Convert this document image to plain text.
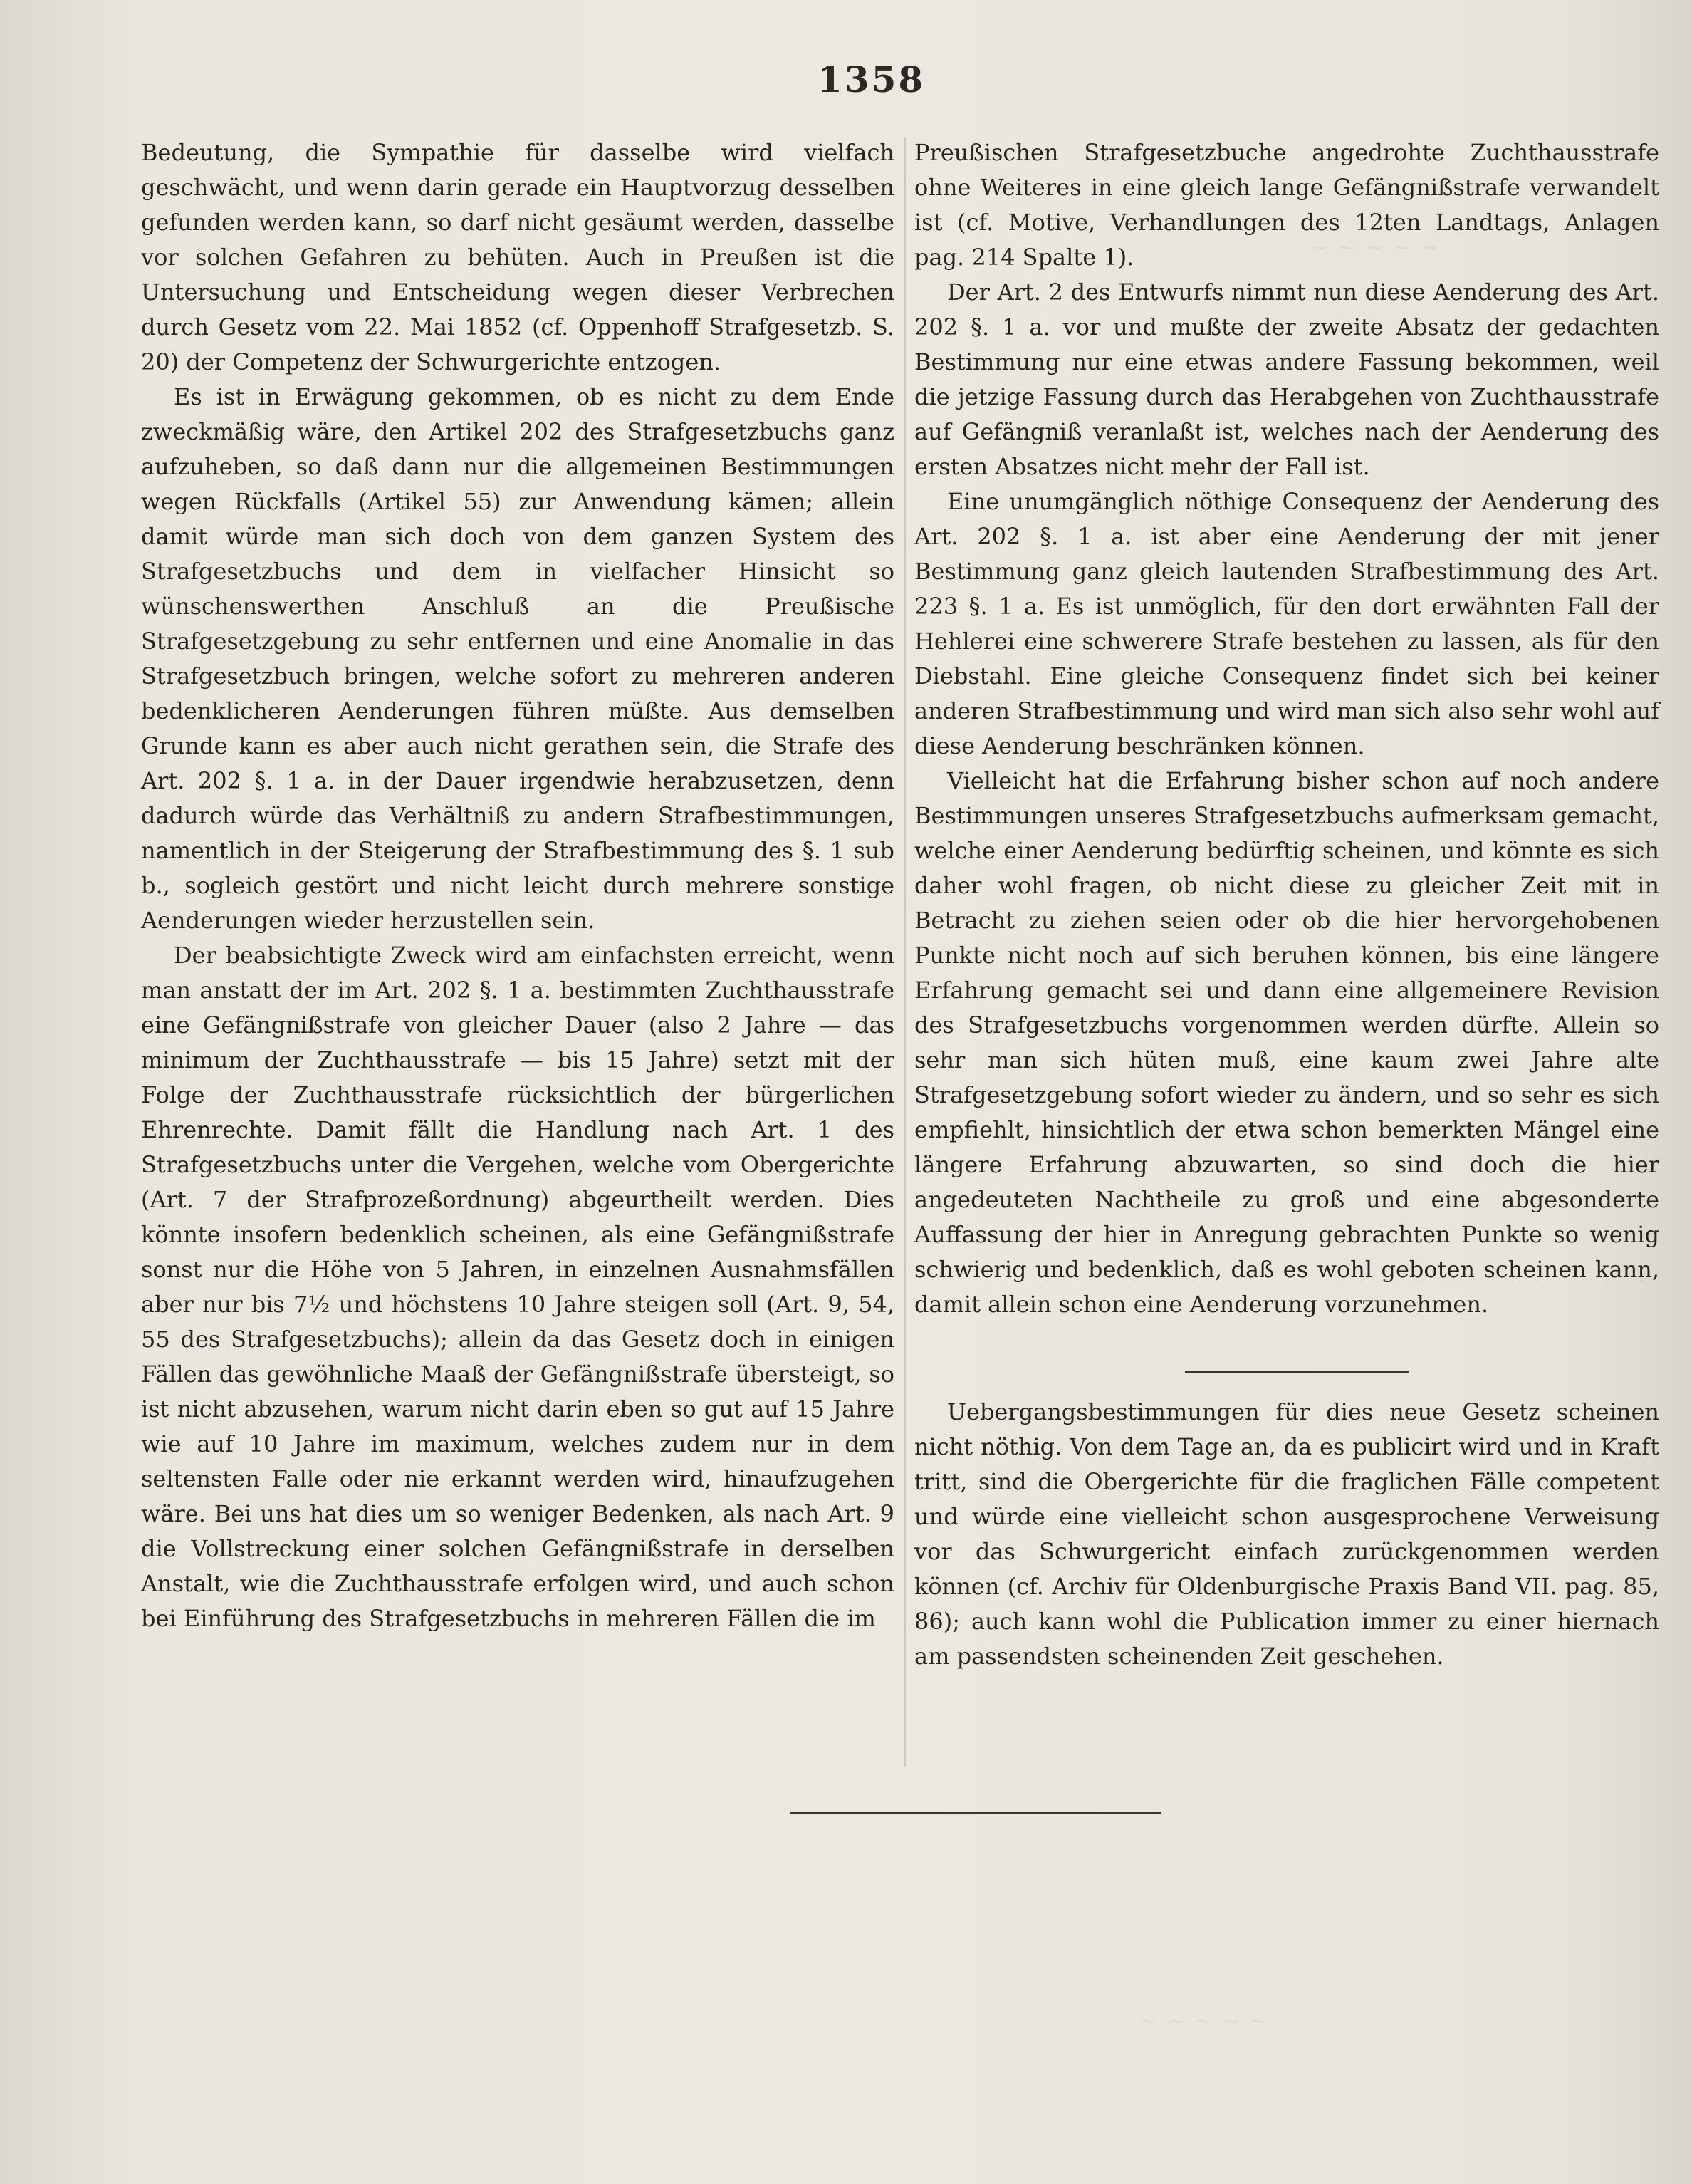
~ ~ ~ ~ ~
~ ~ ~ ~ ~
1358

Bedeutung, die Sympathie für dasselbe wird vielfach geschwächt, und wenn darin gerade ein Hauptvorzug desselben gefunden werden kann, so darf nicht gesäumt werden, dasselbe vor solchen Gefahren zu behüten. Auch in Preußen ist die Untersuchung und Entscheidung wegen dieser Verbrechen durch Gesetz vom 22. Mai 1852 (cf. Oppenhoff Strafgesetzb. S. 20) der Competenz der Schwurgerichte entzogen.

Es ist in Erwägung gekommen, ob es nicht zu dem Ende zweckmäßig wäre, den Artikel 202 des Strafgesetzbuchs ganz aufzuheben, so daß dann nur die allgemeinen Bestimmungen wegen Rückfalls (Artikel 55) zur Anwendung kämen; allein damit würde man sich doch von dem ganzen System des Strafgesetzbuchs und dem in vielfacher Hinsicht so wünschenswerthen Anschluß an die Preußische Strafgesetzgebung zu sehr entfernen und eine Anomalie in das Strafgesetzbuch bringen, welche sofort zu mehreren anderen bedenklicheren Aenderungen führen müßte. Aus demselben Grunde kann es aber auch nicht gerathen sein, die Strafe des Art. 202 §. 1 a. in der Dauer irgendwie herabzusetzen, denn dadurch würde das Verhältniß zu andern Strafbestimmungen, namentlich in der Steigerung der Strafbestimmung des §. 1 sub b., sogleich gestört und nicht leicht durch mehrere sonstige Aenderungen wieder herzustellen sein.

Der beabsichtigte Zweck wird am einfachsten erreicht, wenn man anstatt der im Art. 202 §. 1 a. bestimmten Zuchthausstrafe eine Gefängnißstrafe von gleicher Dauer (also 2 Jahre — das minimum der Zuchthausstrafe — bis 15 Jahre) setzt mit der Folge der Zuchthausstrafe rücksichtlich der bürgerlichen Ehrenrechte. Damit fällt die Handlung nach Art. 1 des Strafgesetzbuchs unter die Vergehen, welche vom Obergerichte (Art. 7 der Strafprozeßordnung) abgeurtheilt werden. Dies könnte insofern bedenklich scheinen, als eine Gefängnißstrafe sonst nur die Höhe von 5 Jahren, in einzelnen Ausnahmsfällen aber nur bis 7½ und höchstens 10 Jahre steigen soll (Art. 9, 54, 55 des Strafgesetzbuchs); allein da das Gesetz doch in einigen Fällen das gewöhnliche Maaß der Gefängnißstrafe übersteigt, so ist nicht abzusehen, warum nicht darin eben so gut auf 15 Jahre wie auf 10 Jahre im maximum, welches zudem nur in dem seltensten Falle oder nie erkannt werden wird, hinaufzugehen wäre. Bei uns hat dies um so weniger Bedenken, als nach Art. 9 die Vollstreckung einer solchen Gefängnißstrafe in derselben Anstalt, wie die Zuchthausstrafe erfolgen wird, und auch schon bei Einführung des Strafgesetzbuchs in mehreren Fällen die im

Preußischen Strafgesetzbuche angedrohte Zuchthausstrafe ohne Weiteres in eine gleich lange Gefängnißstrafe verwandelt ist (cf. Motive, Verhandlungen des 12ten Landtags, Anlagen pag. 214 Spalte 1).

Der Art. 2 des Entwurfs nimmt nun diese Aenderung des Art. 202 §. 1 a. vor und mußte der zweite Absatz der gedachten Bestimmung nur eine etwas andere Fassung bekommen, weil die jetzige Fassung durch das Herabgehen von Zuchthausstrafe auf Gefängniß veranlaßt ist, welches nach der Aenderung des ersten Absatzes nicht mehr der Fall ist.

Eine unumgänglich nöthige Consequenz der Aenderung des Art. 202 §. 1 a. ist aber eine Aenderung der mit jener Bestimmung ganz gleich lautenden Strafbestimmung des Art. 223 §. 1 a. Es ist unmöglich, für den dort erwähnten Fall der Hehlerei eine schwerere Strafe bestehen zu lassen, als für den Diebstahl. Eine gleiche Consequenz findet sich bei keiner anderen Strafbestimmung und wird man sich also sehr wohl auf diese Aenderung beschränken können.

Vielleicht hat die Erfahrung bisher schon auf noch andere Bestimmungen unseres Strafgesetzbuchs aufmerksam gemacht, welche einer Aenderung bedürftig scheinen, und könnte es sich daher wohl fragen, ob nicht diese zu gleicher Zeit mit in Betracht zu ziehen seien oder ob die hier hervorgehobenen Punkte nicht noch auf sich beruhen können, bis eine längere Erfahrung gemacht sei und dann eine allgemeinere Revision des Strafgesetzbuchs vorgenommen werden dürfte. Allein so sehr man sich hüten muß, eine kaum zwei Jahre alte Strafgesetzgebung sofort wieder zu ändern, und so sehr es sich empfiehlt, hinsichtlich der etwa schon bemerkten Mängel eine längere Erfahrung abzuwarten, so sind doch die hier angedeuteten Nachtheile zu groß und eine abgesonderte Auffassung der hier in Anregung gebrachten Punkte so wenig schwierig und bedenklich, daß es wohl geboten scheinen kann, damit allein schon eine Aenderung vorzunehmen.

Uebergangsbestimmungen für dies neue Gesetz scheinen nicht nöthig. Von dem Tage an, da es publicirt wird und in Kraft tritt, sind die Obergerichte für die fraglichen Fälle competent und würde eine vielleicht schon ausgesprochene Verweisung vor das Schwurgericht einfach zurückgenommen werden können (cf. Archiv für Oldenburgische Praxis Band VII. pag. 85, 86); auch kann wohl die Publication immer zu einer hiernach am passendsten scheinenden Zeit geschehen.
